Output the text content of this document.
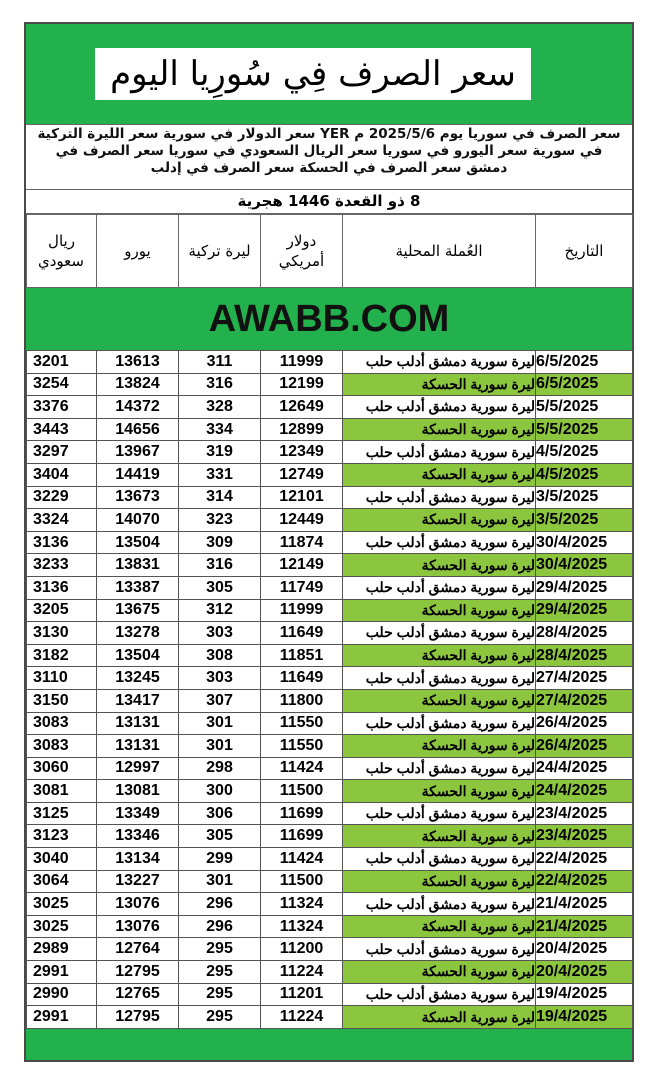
سعر الصرف فِي سُورِيا اليوم
سعر الصرف في سوريا يوم 2025/5/6 م YER سعر الدولار في سورية سعر الليرة التركية في سورية سعر اليورو في سوريا سعر الريال السعودي في سوريا سعر الصرف في دمشق سعر الصرف في الحسكة سعر الصرف في إدلب
8 ذو القعدة 1446 هجرية
التاريخ	العُملة المحلية	دولار أمريكي	ليرة تركية	يورو	ريال سعودي
AWABB.COM
6/5/2025	ليرة سورية دمشق أدلب حلب	11999	311	13613	3201
6/5/2025	ليرة سورية الحسكة	12199	316	13824	3254
5/5/2025	ليرة سورية دمشق أدلب حلب	12649	328	14372	3376
5/5/2025	ليرة سورية الحسكة	12899	334	14656	3443
4/5/2025	ليرة سورية دمشق أدلب حلب	12349	319	13967	3297
4/5/2025	ليرة سورية الحسكة	12749	331	14419	3404
3/5/2025	ليرة سورية دمشق أدلب حلب	12101	314	13673	3229
3/5/2025	ليرة سورية الحسكة	12449	323	14070	3324
30/4/2025	ليرة سورية دمشق أدلب حلب	11874	309	13504	3136
30/4/2025	ليرة سورية الحسكة	12149	316	13831	3233
29/4/2025	ليرة سورية دمشق أدلب حلب	11749	305	13387	3136
29/4/2025	ليرة سورية الحسكة	11999	312	13675	3205
28/4/2025	ليرة سورية دمشق أدلب حلب	11649	303	13278	3130
28/4/2025	ليرة سورية الحسكة	11851	308	13504	3182
27/4/2025	ليرة سورية دمشق أدلب حلب	11649	303	13245	3110
27/4/2025	ليرة سورية الحسكة	11800	307	13417	3150
26/4/2025	ليرة سورية دمشق أدلب حلب	11550	301	13131	3083
26/4/2025	ليرة سورية الحسكة	11550	301	13131	3083
24/4/2025	ليرة سورية دمشق أدلب حلب	11424	298	12997	3060
24/4/2025	ليرة سورية الحسكة	11500	300	13081	3081
23/4/2025	ليرة سورية دمشق أدلب حلب	11699	306	13349	3125
23/4/2025	ليرة سورية الحسكة	11699	305	13346	3123
22/4/2025	ليرة سورية دمشق أدلب حلب	11424	299	13134	3040
22/4/2025	ليرة سورية الحسكة	11500	301	13227	3064
21/4/2025	ليرة سورية دمشق أدلب حلب	11324	296	13076	3025
21/4/2025	ليرة سورية الحسكة	11324	296	13076	3025
20/4/2025	ليرة سورية دمشق أدلب حلب	11200	295	12764	2989
20/4/2025	ليرة سورية الحسكة	11224	295	12795	2991
19/4/2025	ليرة سورية دمشق أدلب حلب	11201	295	12765	2990
19/4/2025	ليرة سورية الحسكة	11224	295	12795	2991
